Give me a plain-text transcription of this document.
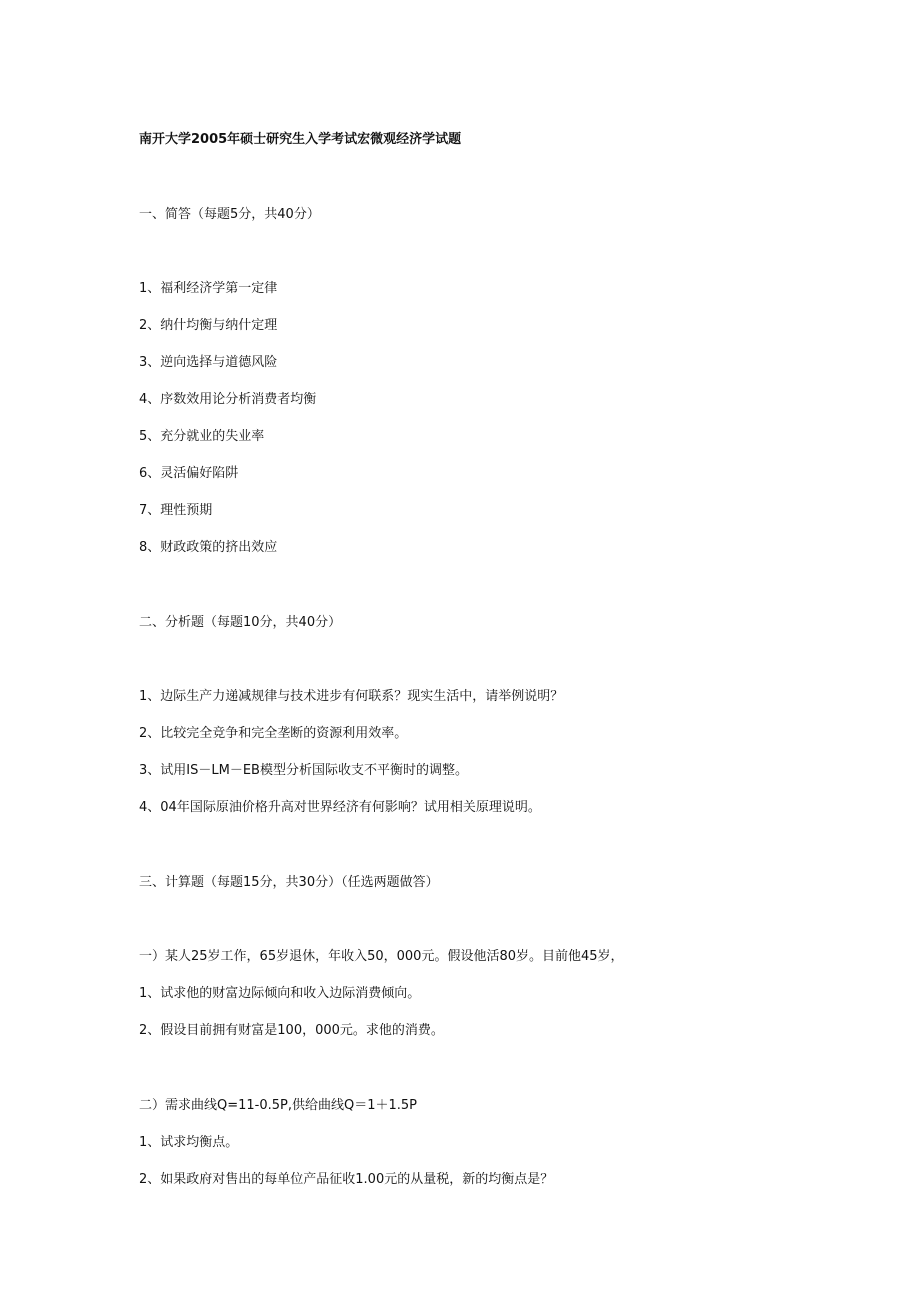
南开大学2005年硕士研究生入学考试宏微观经济学试题
一、简答（每题5分，共40分）
1、福利经济学第一定律
2、纳什均衡与纳什定理
3、逆向选择与道德风险
4、序数效用论分析消费者均衡
5、充分就业的失业率
6、灵活偏好陷阱
7、理性预期
8、财政政策的挤出效应
二、分析题（每题10分，共40分）
1、边际生产力递减规律与技术进步有何联系？现实生活中，请举例说明？
2、比较完全竞争和完全垄断的资源利用效率。
3、试用IS－LM－EB模型分析国际收支不平衡时的调整。
4、04年国际原油价格升高对世界经济有何影响？试用相关原理说明。
三、计算题（每题15分，共30分）（任选两题做答）
一）某人25岁工作，65岁退休，年收入50，000元。假设他活80岁。目前他45岁，
1、试求他的财富边际倾向和收入边际消费倾向。
2、假设目前拥有财富是100，000元。求他的消费。
二）需求曲线Q=11-0.5P,供给曲线Q＝1＋1.5P
1、试求均衡点。
2、如果政府对售出的每单位产品征收1.00元的从量税，新的均衡点是？
